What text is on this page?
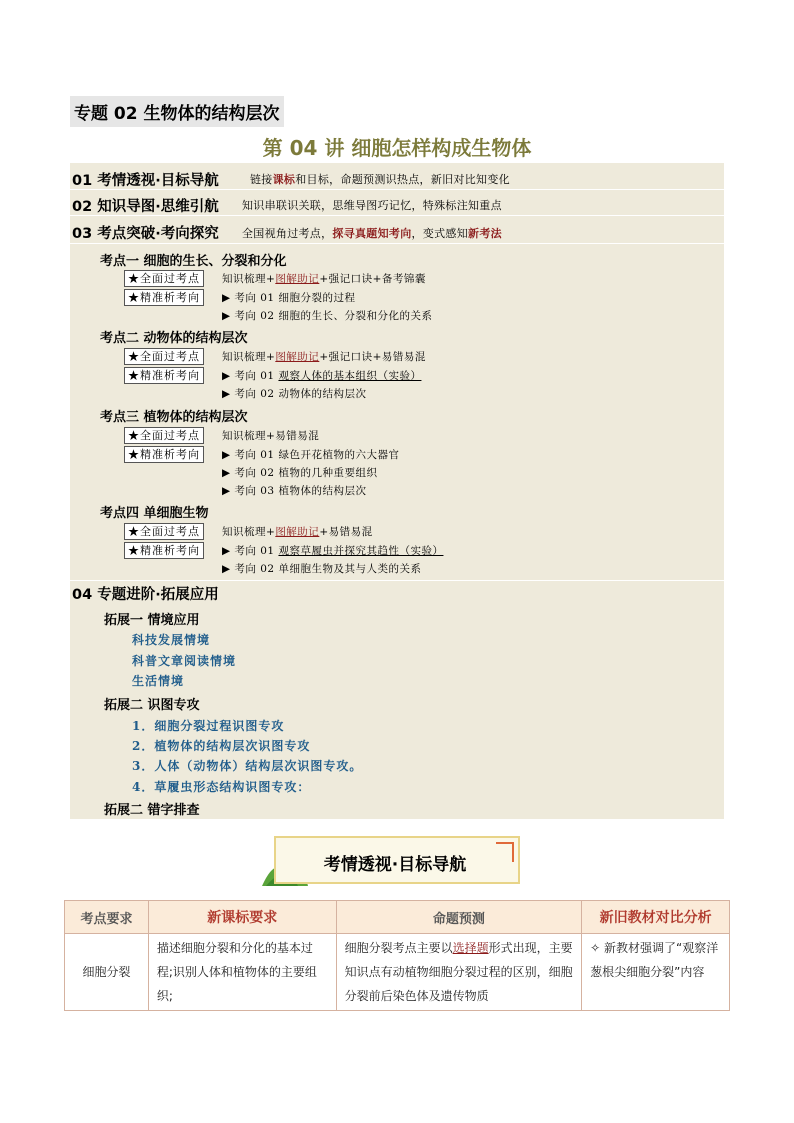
专题 02 生物体的结构层次
第 04 讲 细胞怎样构成生物体
01 考情透视·目标导航	链接课标和目标，命题预测识热点，新旧对比知变化
02 知识导图·思维引航 知识串联识关联，思维导图巧记忆，特殊标注知重点
03 考点突破·考向探究 全国视角过考点，探寻真题知考向，变式感知新考法
考点一 细胞的生长、分裂和分化
★全面过考点	知识梳理+图解助记+强记口诀+备考锦囊
★精准析考向	▶ 考向 01 细胞分裂的过程
▶ 考向 02 细胞的生长、分裂和分化的关系
考点二 动物体的结构层次
★全面过考点	知识梳理+图解助记+强记口诀+易错易混
★精准析考向	▶ 考向 01 观察人体的基本组织（实验）
▶ 考向 02 动物体的结构层次
考点三 植物体的结构层次
★全面过考点	知识梳理+易错易混
★精准析考向	▶ 考向 01 绿色开花植物的六大器官
▶ 考向 02 植物的几种重要组织
▶ 考向 03 植物体的结构层次
考点四 单细胞生物
★全面过考点	知识梳理+图解助记+易错易混
★精准析考向	▶ 考向 01 观察草履虫并探究其趋性（实验）
▶ 考向 02 单细胞生物及其与人类的关系
04 专题进阶·拓展应用
拓展一 情境应用
科技发展情境
科普文章阅读情境
生活情境
拓展二 识图专攻
1．细胞分裂过程识图专攻
2．植物体的结构层次识图专攻
3．人体（动物体）结构层次识图专攻。
4．草履虫形态结构识图专攻：
拓展二 错字排查
考情透视·目标导航
考点要求	新课标要求	命题预测	新旧教材对比分析
细胞分裂	描述细胞分裂和分化的基本过程;识别人体和植物体的主要组织;	细胞分裂考点主要以选择题形式出现，主要知识点有动植物细胞分裂过程的区别，细胞分裂前后染色体及遗传物质	✧ 新教材强调了“观察洋葱根尖细胞分裂”内容
